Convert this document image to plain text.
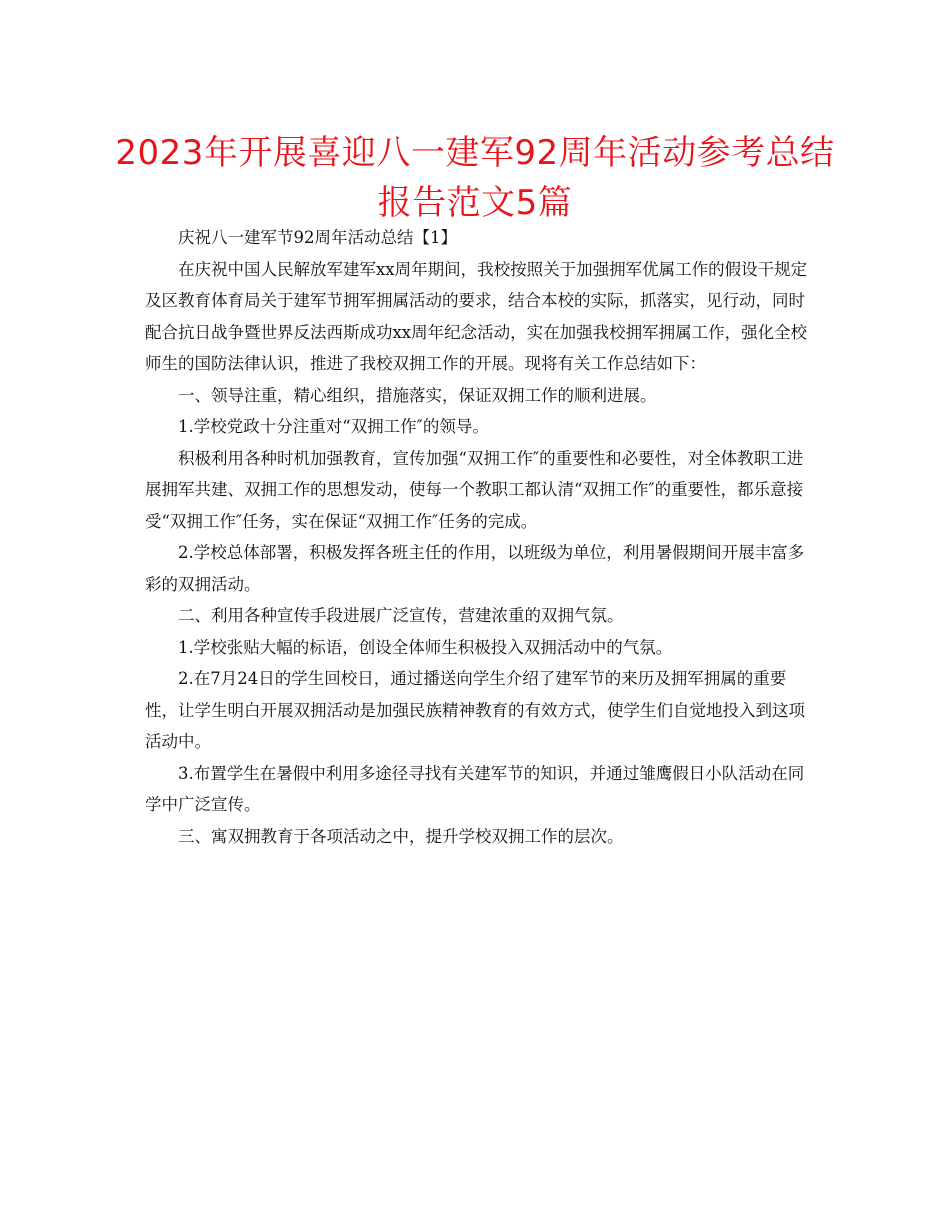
2023年开展喜迎八一建军92周年活动参考总结
报告范文5篇

庆祝八一建军节92周年活动总结【1】

在庆祝中国人民解放军建军xx周年期间，我校按照关于加强拥军优属工作的假设干规定及区教育体育局关于建军节拥军拥属活动的要求，结合本校的实际，抓落实，见行动，同时配合抗日战争暨世界反法西斯成功xx周年纪念活动，实在加强我校拥军拥属工作，强化全校师生的国防法律认识，推进了我校双拥工作的开展。现将有关工作总结如下：

一、领导注重，精心组织，措施落实，保证双拥工作的顺利进展。

1.学校党政十分注重对“双拥工作″的领导。

积极利用各种时机加强教育，宣传加强“双拥工作″的重要性和必要性，对全体教职工进展拥军共建、双拥工作的思想发动，使每一个教职工都认清“双拥工作″的重要性，都乐意接受“双拥工作″任务，实在保证“双拥工作″任务的完成。

2.学校总体部署，积极发挥各班主任的作用，以班级为单位，利用暑假期间开展丰富多彩的双拥活动。

二、利用各种宣传手段进展广泛宣传，营建浓重的双拥气氛。

1.学校张贴大幅的标语，创设全体师生积极投入双拥活动中的气氛。

2.在7月24日的学生回校日，通过播送向学生介绍了建军节的来历及拥军拥属的重要性，让学生明白开展双拥活动是加强民族精神教育的有效方式，使学生们自觉地投入到这项活动中。

3.布置学生在暑假中利用多途径寻找有关建军节的知识，并通过雏鹰假日小队活动在同学中广泛宣传。

三、寓双拥教育于各项活动之中，提升学校双拥工作的层次。
